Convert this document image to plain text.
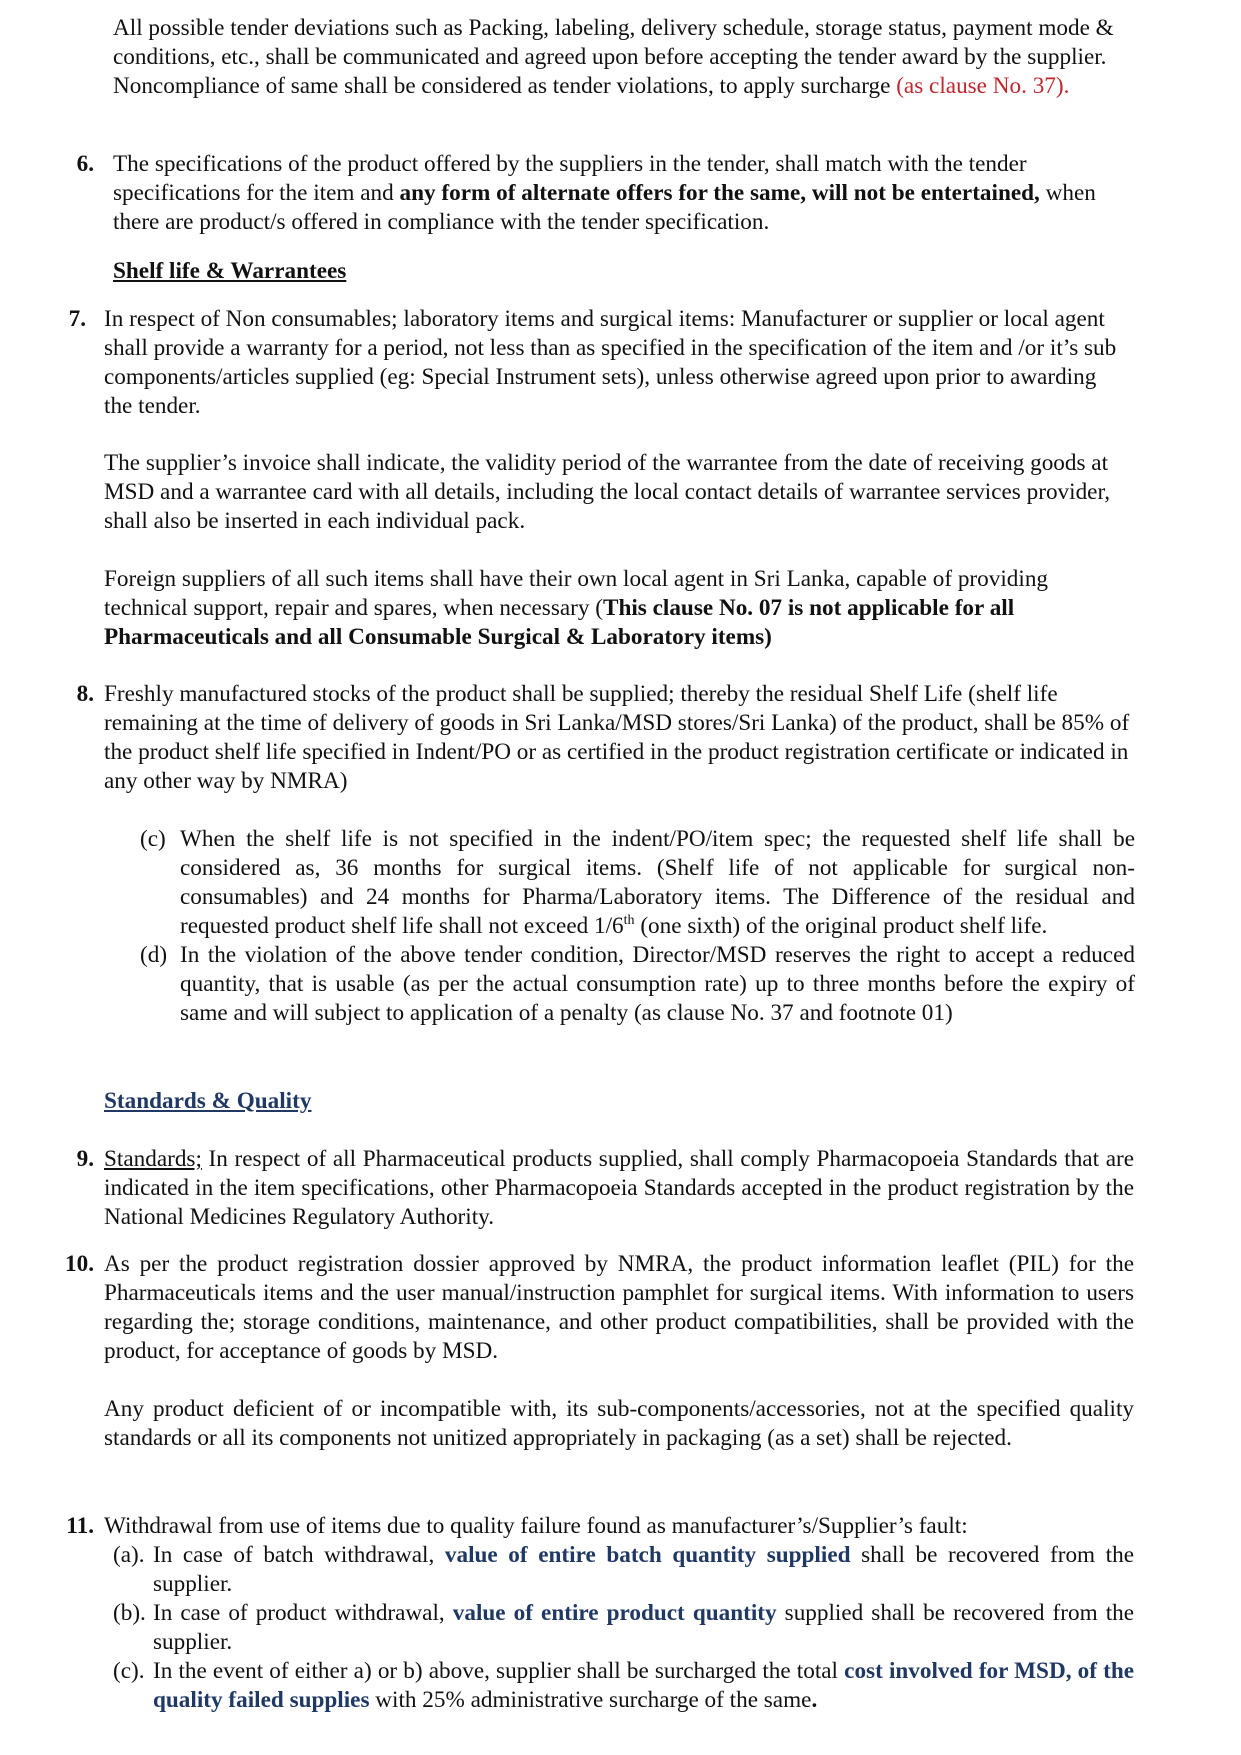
All possible tender deviations such as Packing, labeling, delivery schedule, storage status, payment mode & conditions, etc., shall be communicated and agreed upon before accepting the tender award by the supplier. Noncompliance of same shall be considered as tender violations, to apply surcharge (as clause No. 37).
6. The specifications of the product offered by the suppliers in the tender, shall match with the tender specifications for the item and any form of alternate offers for the same, will not be entertained, when there are product/s offered in compliance with the tender specification.
Shelf life & Warrantees
7. In respect of Non consumables; laboratory items and surgical items: Manufacturer or supplier or local agent shall provide a warranty for a period, not less than as specified in the specification of the item and /or it’s sub components/articles supplied (eg: Special Instrument sets), unless otherwise agreed upon prior to awarding the tender.
The supplier’s invoice shall indicate, the validity period of the warrantee from the date of receiving goods at MSD and a warrantee card with all details, including the local contact details of warrantee services provider, shall also be inserted in each individual pack.
Foreign suppliers of all such items shall have their own local agent in Sri Lanka, capable of providing technical support, repair and spares, when necessary (This clause No. 07 is not applicable for all Pharmaceuticals and all Consumable Surgical & Laboratory items)
8. Freshly manufactured stocks of the product shall be supplied; thereby the residual Shelf Life (shelf life remaining at the time of delivery of goods in Sri Lanka/MSD stores/Sri Lanka) of the product, shall be 85% of the product shelf life specified in Indent/PO or as certified in the product registration certificate or indicated in any other way by NMRA)
(c) When the shelf life is not specified in the indent/PO/item spec; the requested shelf life shall be considered as, 36 months for surgical items. (Shelf life of not applicable for surgical non-consumables) and 24 months for Pharma/Laboratory items. The Difference of the residual and requested product shelf life shall not exceed 1/6th (one sixth) of the original product shelf life.
(d) In the violation of the above tender condition, Director/MSD reserves the right to accept a reduced quantity, that is usable (as per the actual consumption rate) up to three months before the expiry of same and will subject to application of a penalty (as clause No. 37 and footnote 01)
Standards & Quality
9. Standards; In respect of all Pharmaceutical products supplied, shall comply Pharmacopoeia Standards that are indicated in the item specifications, other Pharmacopoeia Standards accepted in the product registration by the National Medicines Regulatory Authority.
10. As per the product registration dossier approved by NMRA, the product information leaflet (PIL) for the Pharmaceuticals items and the user manual/instruction pamphlet for surgical items. With information to users regarding the; storage conditions, maintenance, and other product compatibilities, shall be provided with the product, for acceptance of goods by MSD.
Any product deficient of or incompatible with, its sub-components/accessories, not at the specified quality standards or all its components not unitized appropriately in packaging (as a set) shall be rejected.
11. Withdrawal from use of items due to quality failure found as manufacturer’s/Supplier’s fault:
(a). In case of batch withdrawal, value of entire batch quantity supplied shall be recovered from the supplier.
(b). In case of product withdrawal, value of entire product quantity supplied shall be recovered from the supplier.
(c). In the event of either a) or b) above, supplier shall be surcharged the total cost involved for MSD, of the quality failed supplies with 25% administrative surcharge of the same.
